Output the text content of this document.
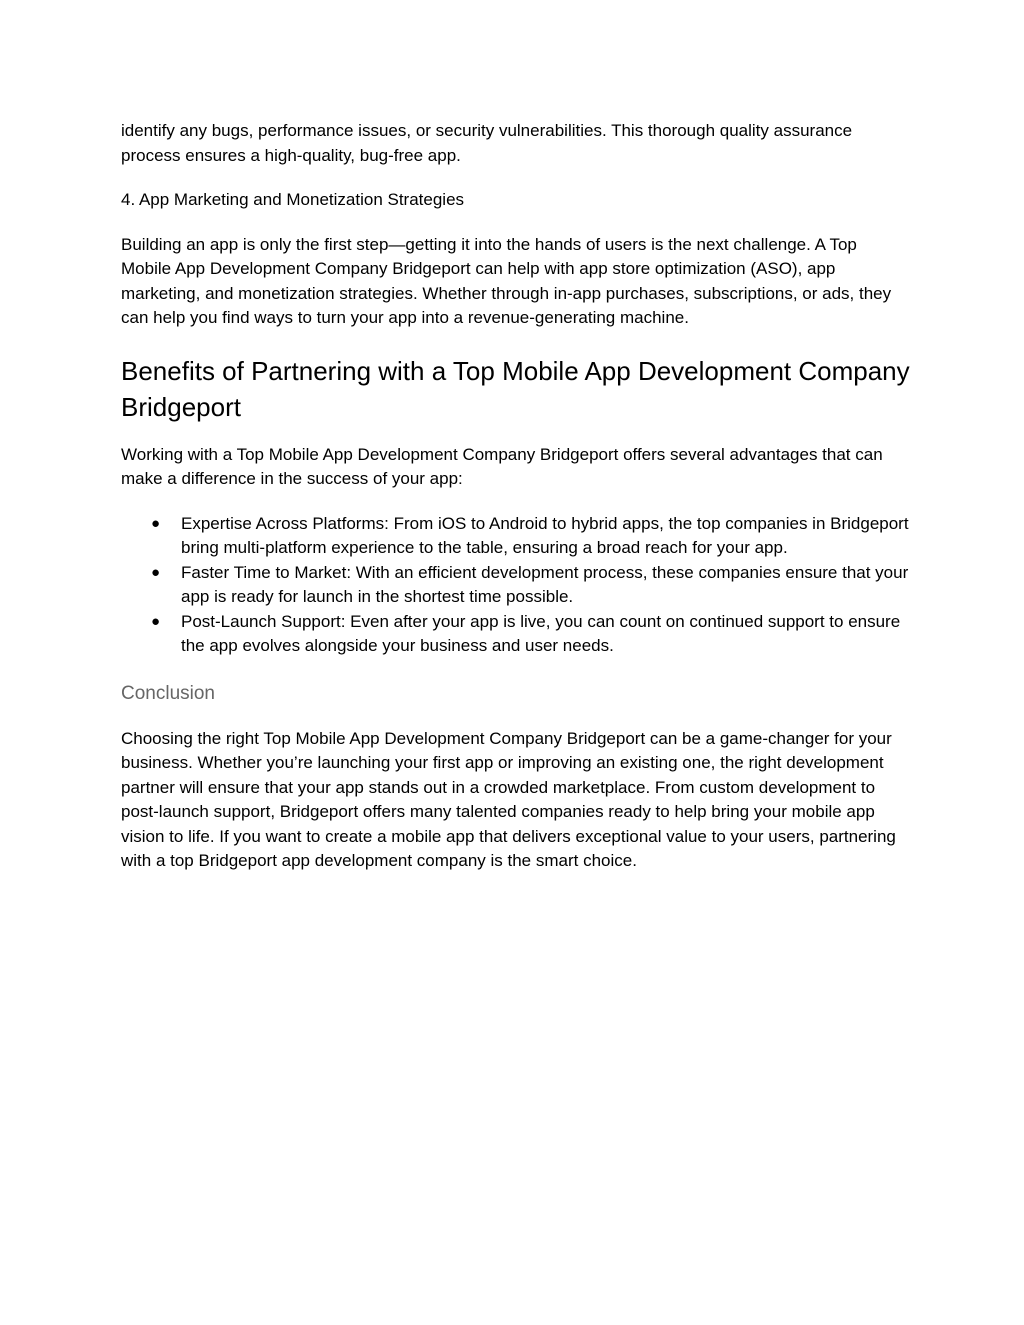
identify any bugs, performance issues, or security vulnerabilities. This thorough quality assurance process ensures a high-quality, bug-free app.

4. App Marketing and Monetization Strategies

Building an app is only the first step—getting it into the hands of users is the next challenge. A Top Mobile App Development Company Bridgeport can help with app store optimization (ASO), app marketing, and monetization strategies. Whether through in-app purchases, subscriptions, or ads, they can help you find ways to turn your app into a revenue-generating machine.

Benefits of Partnering with a Top Mobile App Development Company Bridgeport

Working with a Top Mobile App Development Company Bridgeport offers several advantages that can make a difference in the success of your app:

● Expertise Across Platforms: From iOS to Android to hybrid apps, the top companies in Bridgeport bring multi-platform experience to the table, ensuring a broad reach for your app.
● Faster Time to Market: With an efficient development process, these companies ensure that your app is ready for launch in the shortest time possible.
● Post-Launch Support: Even after your app is live, you can count on continued support to ensure the app evolves alongside your business and user needs.
Conclusion

Choosing the right Top Mobile App Development Company Bridgeport can be a game-changer for your business. Whether you’re launching your first app or improving an existing one, the right development partner will ensure that your app stands out in a crowded marketplace. From custom development to post-launch support, Bridgeport offers many talented companies ready to help bring your mobile app vision to life. If you want to create a mobile app that delivers exceptional value to your users, partnering with a top Bridgeport app development company is the smart choice.
